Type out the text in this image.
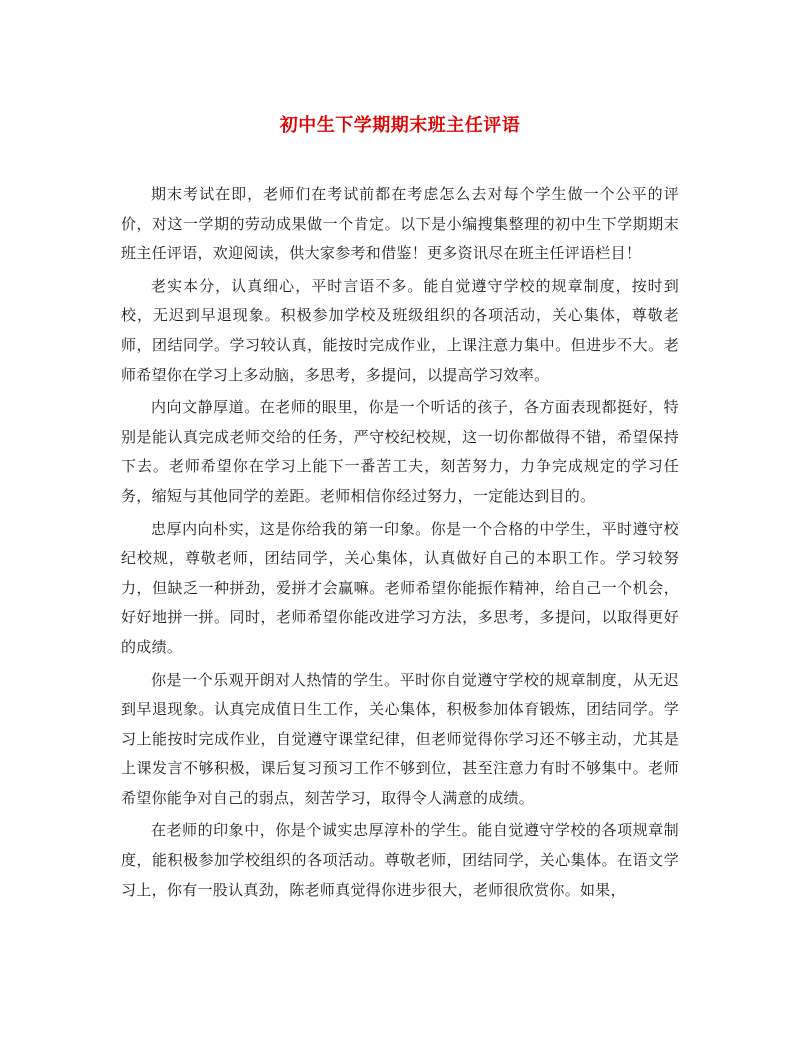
初中生下学期期末班主任评语

期末考试在即，老师们在考试前都在考虑怎么去对每个学生做一个公平的评价，对这一学期的劳动成果做一个肯定。以下是小编搜集整理的初中生下学期期末班主任评语，欢迎阅读，供大家参考和借鉴！更多资讯尽在班主任评语栏目！

老实本分，认真细心，平时言语不多。能自觉遵守学校的规章制度，按时到校，无迟到早退现象。积极参加学校及班级组织的各项活动，关心集体，尊敬老师，团结同学。学习较认真，能按时完成作业，上课注意力集中。但进步不大。老师希望你在学习上多动脑，多思考，多提问，以提高学习效率。

内向文静厚道。在老师的眼里，你是一个听话的孩子，各方面表现都挺好，特别是能认真完成老师交给的任务，严守校纪校规，这一切你都做得不错，希望保持下去。老师希望你在学习上能下一番苦工夫，刻苦努力，力争完成规定的学习任务，缩短与其他同学的差距。老师相信你经过努力，一定能达到目的。

忠厚内向朴实，这是你给我的第一印象。你是一个合格的中学生，平时遵守校纪校规，尊敬老师，团结同学，关心集体，认真做好自己的本职工作。学习较努力，但缺乏一种拼劲，爱拼才会赢嘛。老师希望你能振作精神，给自己一个机会，好好地拼一拼。同时，老师希望你能改进学习方法，多思考，多提问，以取得更好的成绩。

你是一个乐观开朗对人热情的学生。平时你自觉遵守学校的规章制度，从无迟到早退现象。认真完成值日生工作，关心集体，积极参加体育锻炼，团结同学。学习上能按时完成作业，自觉遵守课堂纪律，但老师觉得你学习还不够主动，尤其是上课发言不够积极，课后复习预习工作不够到位，甚至注意力有时不够集中。老师希望你能争对自己的弱点，刻苦学习，取得令人满意的成绩。

在老师的印象中，你是个诚实忠厚淳朴的学生。能自觉遵守学校的各项规章制度，能积极参加学校组织的各项活动。尊敬老师，团结同学，关心集体。在语文学习上，你有一股认真劲，陈老师真觉得你进步很大，老师很欣赏你。如果，
